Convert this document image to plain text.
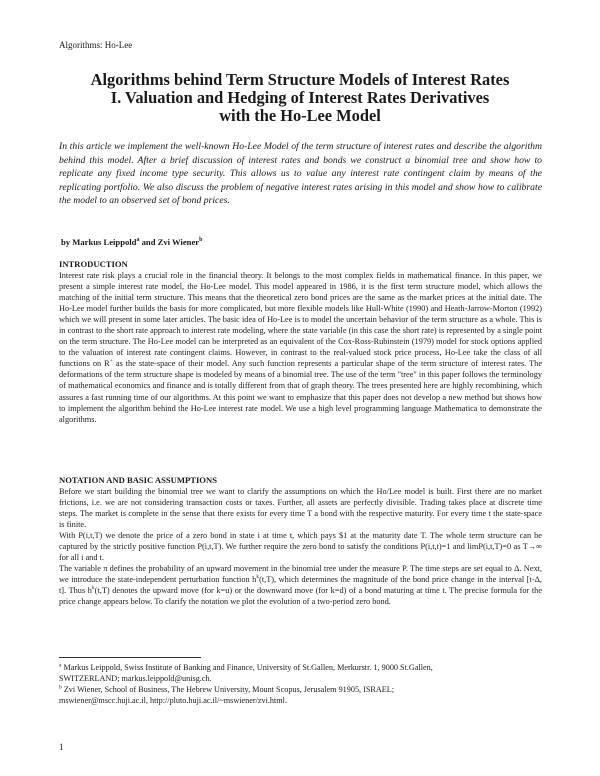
Algorithms: Ho-Lee
Algorithms behind Term Structure Models of Interest Rates
I. Valuation and Hedging of Interest Rates Derivatives
with the Ho-Lee Model
In this article we implement the well-known Ho-Lee Model of the term structure of interest rates and describe the algorithm behind this model. After a brief discussion of interest rates and bonds we construct a binomial tree and show how to replicate any fixed income type security. This allows us to value any interest rate contingent claim by means of the replicating portfolio. We also discuss the problem of negative interest rates arising in this model and show how to calibrate the model to an observed set of bond prices.
by Markus Leippold$^a$ and Zvi Wiener$^b$
INTRODUCTION

Interest rate risk plays a crucial role in the financial theory. It belongs to the most complex fields in mathematical finance. In this paper, we present a simple interest rate model, the Ho-Lee model. This model appeared in 1986, it is the first term structure model, which allows the matching of the initial term structure. This means that the theoretical zero bond prices are the same as the market prices at the initial date. The Ho-Lee model further builds the basis for more complicated, but more flexible models like Hull-White (1990) and Heath-Jarrow-Morton (1992) which we will present in some later articles. The basic idea of Ho-Lee is to model the uncertain behavior of the term structure as a whole. This is in contrast to the short rate approach to interest rate modeling, where the state variable (in this case the short rate) is represented by a single point on the term structure. The Ho-Lee model can be interpreted as an equivalent of the Cox-Ross-Rubinstein (1979) model for stock options applied to the valuation of interest rate contingent claims. However, in contrast to the real-valued stock price process, Ho-Lee take the class of all functions on R+ as the state-space of their model. Any such function represents a particular shape of the term structure of interest rates. The deformations of the term structure shape is modeled by means of a binomial tree. The use of the term "tree" in this paper follows the terminology of mathematical economics and finance and is totally different from that of graph theory. The trees presented here are highly recombining, which assures a fast running time of our algorithms. At this point we want to emphasize that this paper does not develop a new method but shows how to implement the algorithm behind the Ho-Lee interest rate model. We use a high level programming language Mathematica to demonstrate the algorithms.

NOTATION AND BASIC ASSUMPTIONS

Before we start building the binomial tree we want to clarify the assumptions on which the Ho/Lee model is built. First there are no market frictions, i.e. we are not considering transaction costs or taxes. Further, all assets are perfectly divisible. Trading takes place at discrete time steps. The market is complete in the sense that there exists for every time T a bond with the respective maturity. For every time t the state-space is finite.

With P(i,t,T) we denote the price of a zero bond in state i at time t, which pays $1 at the maturity date T. The whole term structure can be captured by the strictly positive function P(i,t,T). We further require the zero bond to satisfy the conditions P(i,t,t)=1 and limP(i,t,T)=0 as T→∞ for all i and t.

The variable π defines the probability of an upward movement in the binomial tree under the measure P. The time steps are set equal to Δ. Next, we introduce the state-independent perturbation function $h^k(t,T)$, which determines the magnitude of the bond price change in the interval [t-Δ, t]. Thus $h^k(t,T)$ denotes the upward move (for k=u) or the downward move (for k=d) of a bond maturing at time t. The precise formula for the price change appears below. To clarify the notation we plot the evolution of a two-period zero bond.

$^a$ Markus Leippold, Swiss Institute of Banking and Finance, University of St.Gallen, Merkurstr. 1, 9000 St.Gallen,

SWITZERLAND; markus.leippold@unisg.ch.

$^b$ Zvi Wiener, School of Business, The Hebrew University, Mount Scopus, Jerusalem 91905, ISRAEL;

mswiener@mscc.huji.ac.il, http://pluto.huji.ac.il/~mswiener/zvi.html.

1
